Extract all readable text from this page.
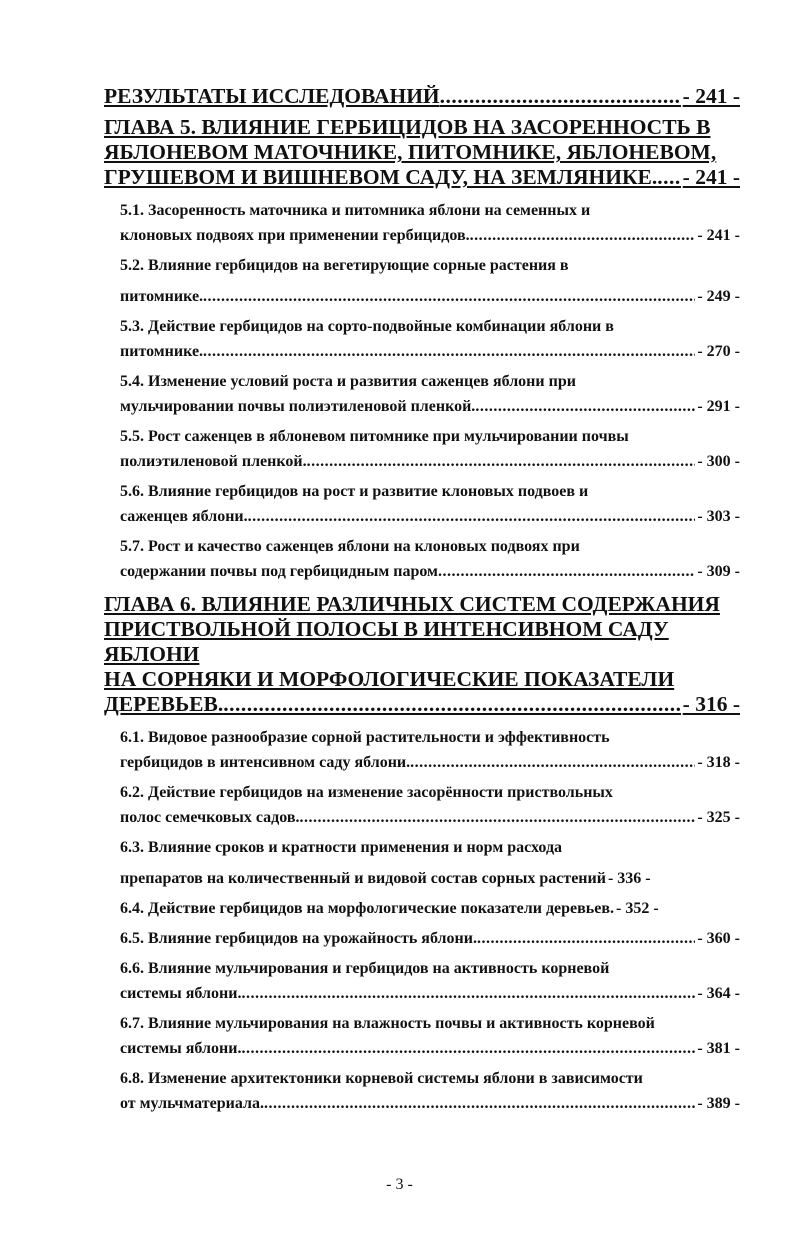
РЕЗУЛЬТАТЫ ИССЛЕДОВАНИЙ .....	- 241 -
ГЛАВА 5. ВЛИЯНИЕ ГЕРБИЦИДОВ НА ЗАСОРЕННОСТЬ В
ЯБЛОНЕВОМ МАТОЧНИКЕ, ПИТОМНИКЕ, ЯБЛОНЕВОМ,
ГРУШЕВОМ И ВИШНЕВОМ САДУ, НА ЗЕМЛЯНИКЕ. ..... - 241 -
5.1. Засоренность маточника и питомника яблони на семенных и
клоновых подвоях при применении гербицидов. .....	- 241 -
5.2. Влияние гербицидов на вегетирующие сорные растения в
питомнике. .....	- 249 -
5.3. Действие гербицидов на сорто-подвойные комбинации яблони в
питомнике. .....	- 270 -
5.4. Изменение условий роста и развития саженцев яблони при
мульчировании почвы полиэтиленовой пленкой. .....	- 291 -
5.5. Рост саженцев в яблоневом питомнике при мульчировании почвы
полиэтиленовой пленкой. .....	- 300 -
5.6. Влияние гербицидов на рост и развитие клоновых подвоев и
саженцев яблони. .....	- 303 -
5.7. Рост и качество саженцев яблони на клоновых подвоях при
содержании почвы под гербицидным паром .....	- 309 -
ГЛАВА 6. ВЛИЯНИЕ РАЗЛИЧНЫХ СИСТЕМ СОДЕРЖАНИЯ
ПРИСТВОЛЬНОЙ ПОЛОСЫ В ИНТЕНСИВНОМ САДУ ЯБЛОНИ
НА СОРНЯКИ И МОРФОЛОГИЧЕСКИЕ ПОКАЗАТЕЛИ
ДЕРЕВЬЕВ. .....	- 316 -
6.1. Видовое разнообразие сорной растительности и эффективность
гербицидов в интенсивном саду яблони. .....	- 318 -
6.2. Действие гербицидов на изменение засорённости приствольных
полос семечковых садов. .....	- 325 -
6.3. Влияние сроков и кратности применения и норм расхода
препаратов на количественный и видовой состав сорных растений - 336 -
6.4. Действие гербицидов на морфологические показатели деревьев. - 352 -
6.5. Влияние гербицидов на урожайность яблони. .....	- 360 -
6.6. Влияние мульчирования и гербицидов на активность корневой
системы яблони. .....	- 364 -
6.7. Влияние мульчирования на влажность почвы и активность корневой
системы яблони. .....	- 381 -
6.8. Изменение архитектоники корневой системы яблони в зависимости
от мульчматериала. .....	- 389 -
- 3 -
